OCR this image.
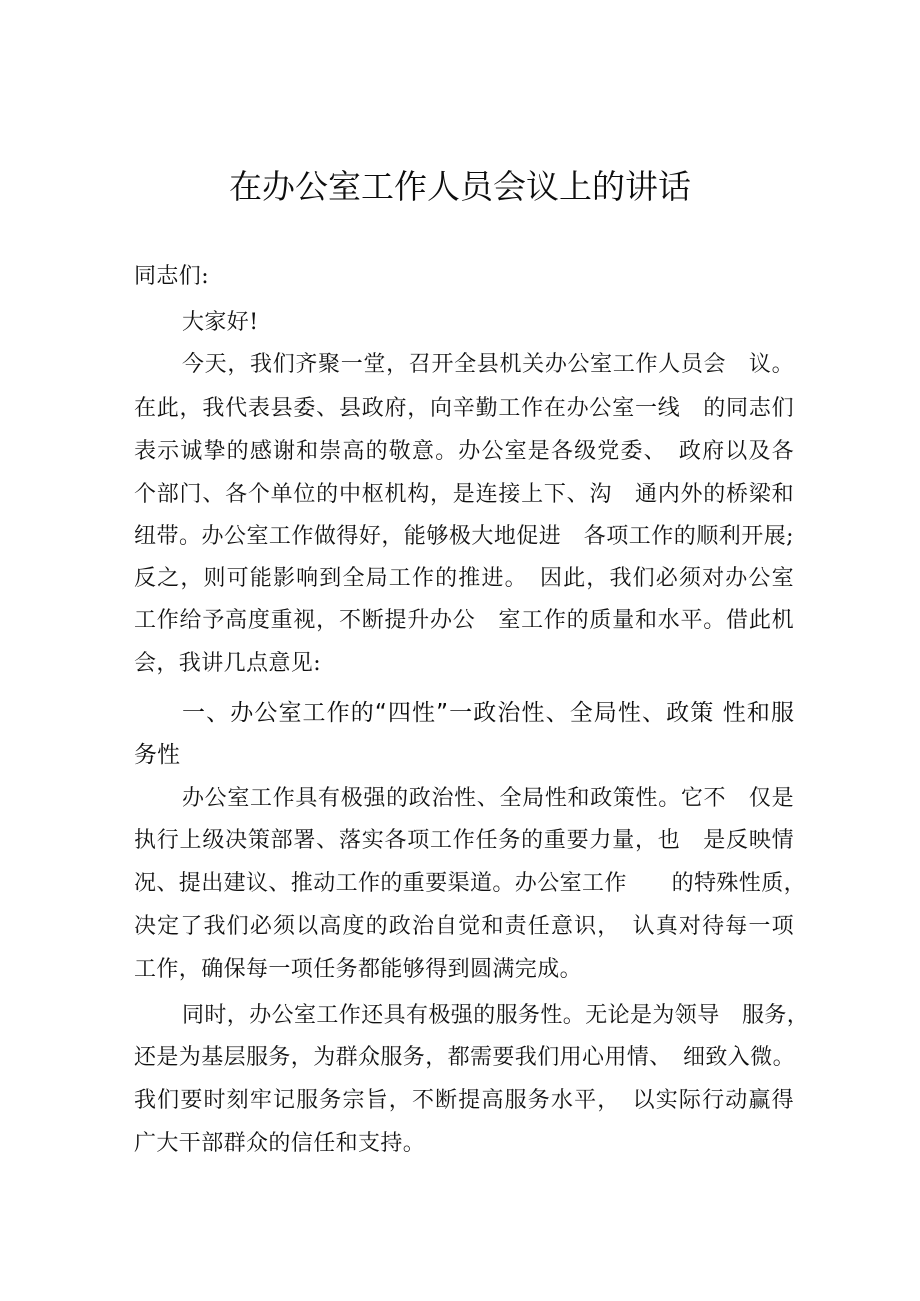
在办公室工作人员会议上的讲话
同志们:
大家好!
今天，我们齐聚一堂，召开全县机关办公室工作人员会　议。
在此，我代表县委、县政府，向辛勤工作在办公室一线　的同志们
表示诚挚的感谢和崇高的敬意。办公室是各级党委、　政府以及各
个部门、各个单位的中枢机构，是连接上下、沟　通内外的桥梁和
纽带。办公室工作做得好，能够极大地促进　各项工作的顺利开展;
反之，则可能影响到全局工作的推进。　因此，我们必须对办公室
工作给予高度重视，不断提升办公　室工作的质量和水平。借此机
会，我讲几点意见:
一、办公室工作的“四性”一政治性、全局性、政策 性和服
务性
办公室工作具有极强的政治性、全局性和政策性。它不　仅是
执行上级决策部署、落实各项工作任务的重要力量，也　是反映情
况、提出建议、推动工作的重要渠道。办公室工作　　的特殊性质，
决定了我们必须以高度的政治自觉和责任意识，　认真对待每一项
工作，确保每一项任务都能够得到圆满完成。
同时，办公室工作还具有极强的服务性。无论是为领导　服务，
还是为基层服务，为群众服务，都需要我们用心用情、　细致入微。
我们要时刻牢记服务宗旨，不断提高服务水平，　以实际行动赢得
广大干部群众的信任和支持。
